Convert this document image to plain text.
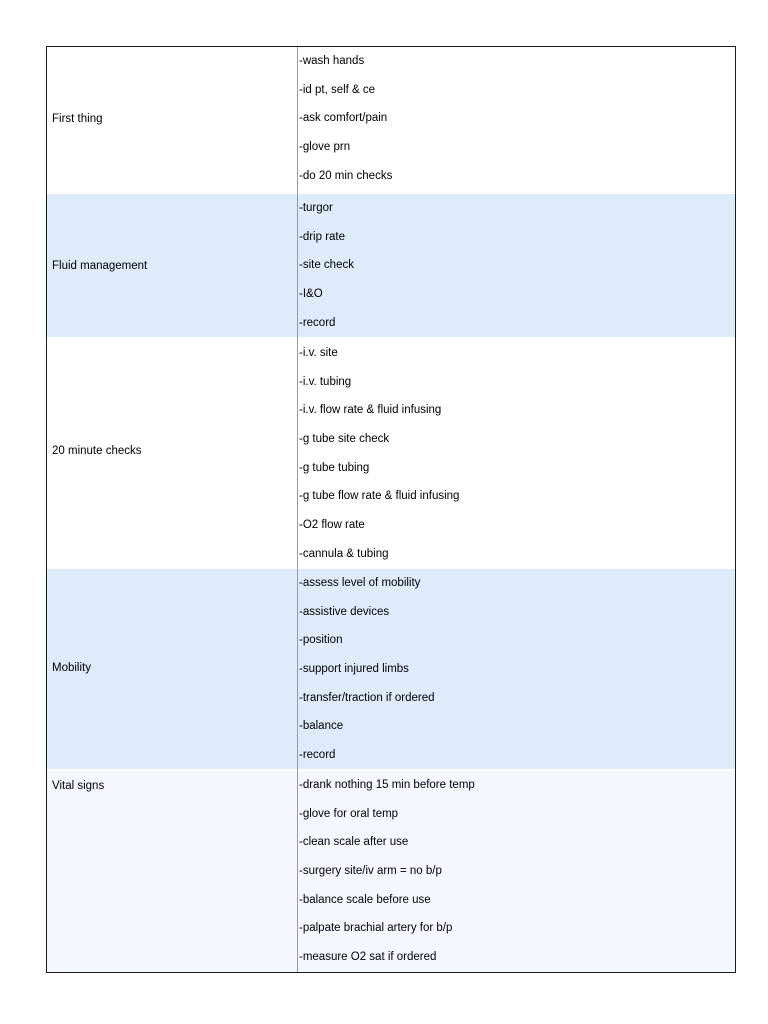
First thing
-wash hands
-id pt, self & ce
-ask comfort/pain
-glove prn
-do 20 min checks
Fluid management
-turgor
-drip rate
-site check
-I&O
-record
20 minute checks
-i.v. site
-i.v. tubing
-i.v. flow rate & fluid infusing
-g tube site check
-g tube tubing
-g tube flow rate & fluid infusing
-O2 flow rate
-cannula & tubing
Mobility
-assess level of mobility
-assistive devices
-position
-support injured limbs
-transfer/traction if ordered
-balance
-record
Vital signs	-drank nothing 15 min before temp
-glove for oral temp
-clean scale after use
-surgery site/iv arm = no b/p
-balance scale before use
-palpate brachial artery for b/p
-measure O2 sat if ordered
